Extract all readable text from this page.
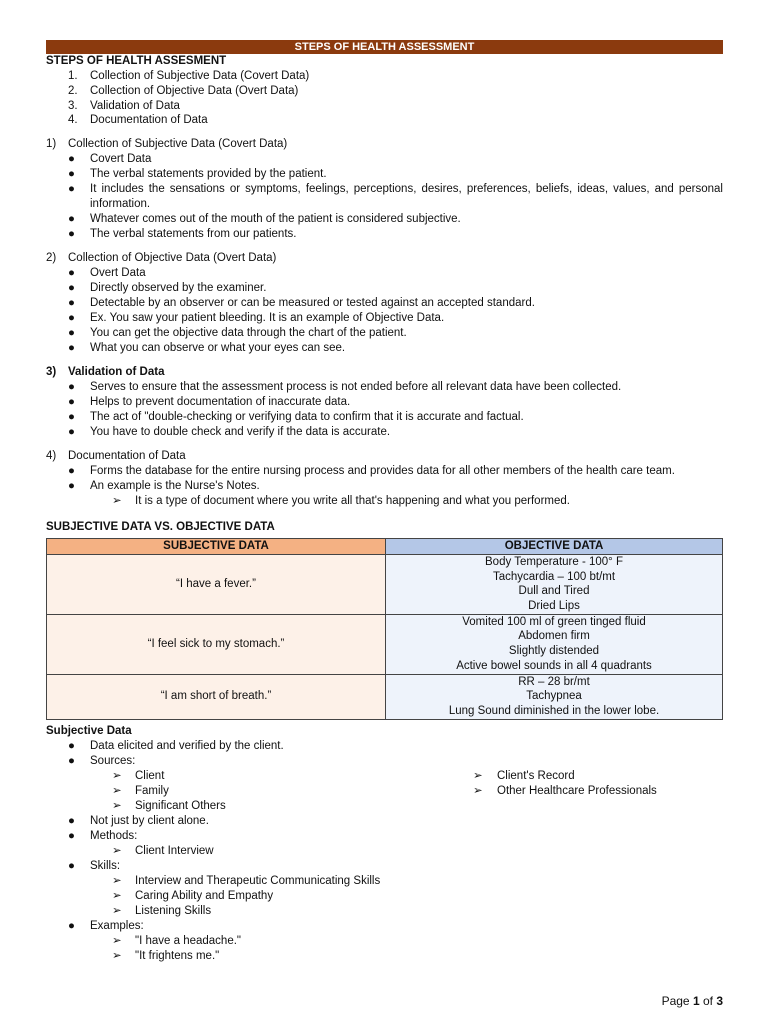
STEPS OF HEALTH ASSESSMENT
STEPS OF HEALTH ASSESMENT
1. Collection of Subjective Data (Covert Data)
2. Collection of Objective Data (Overt Data)
3. Validation of Data
4. Documentation of Data
1) Collection of Subjective Data (Covert Data)
● Covert Data
● The verbal statements provided by the patient.
● It includes the sensations or symptoms, feelings, perceptions, desires, preferences, beliefs, ideas, values, and personal information.
● Whatever comes out of the mouth of the patient is considered subjective.
● The verbal statements from our patients.
2) Collection of Objective Data (Overt Data)
● Overt Data
● Directly observed by the examiner.
● Detectable by an observer or can be measured or tested against an accepted standard.
● Ex. You saw your patient bleeding. It is an example of Objective Data.
● You can get the objective data through the chart of the patient.
● What you can observe or what your eyes can see.
3) Validation of Data
● Serves to ensure that the assessment process is not ended before all relevant data have been collected.
● Helps to prevent documentation of inaccurate data.
● The act of "double-checking or verifying data to confirm that it is accurate and factual.
● You have to double check and verify if the data is accurate.
4) Documentation of Data
● Forms the database for the entire nursing process and provides data for all other members of the health care team.
● An example is the Nurse's Notes.
➢ It is a type of document where you write all that's happening and what you performed.
SUBJECTIVE DATA VS. OBJECTIVE DATA
SUBJECTIVE DATA	OBJECTIVE DATA
“I have a fever.”	Body Temperature - 100° F
Tachycardia – 100 bt/mt
Dull and Tired
Dried Lips

“I feel sick to my stomach.”	Vomited 100 ml of green tinged fluid
Abdomen firm
Slightly distended
Active bowel sounds in all 4 quadrants

“I am short of breath.”	RR – 28 br/mt
Tachypnea
Lung Sound diminished in the lower lobe.
Subjective Data
● Data elicited and verified by the client.
● Sources:
➢ Client
➢ Family
➢ Significant Others
➢ Client's Record
➢ Other Healthcare Professionals
● Not just by client alone.
● Methods:
➢ Client Interview
● Skills:
➢ Interview and Therapeutic Communicating Skills
➢ Caring Ability and Empathy
➢ Listening Skills
● Examples:
➢ "I have a headache."
➢ "It frightens me."
Page 1 of 3
